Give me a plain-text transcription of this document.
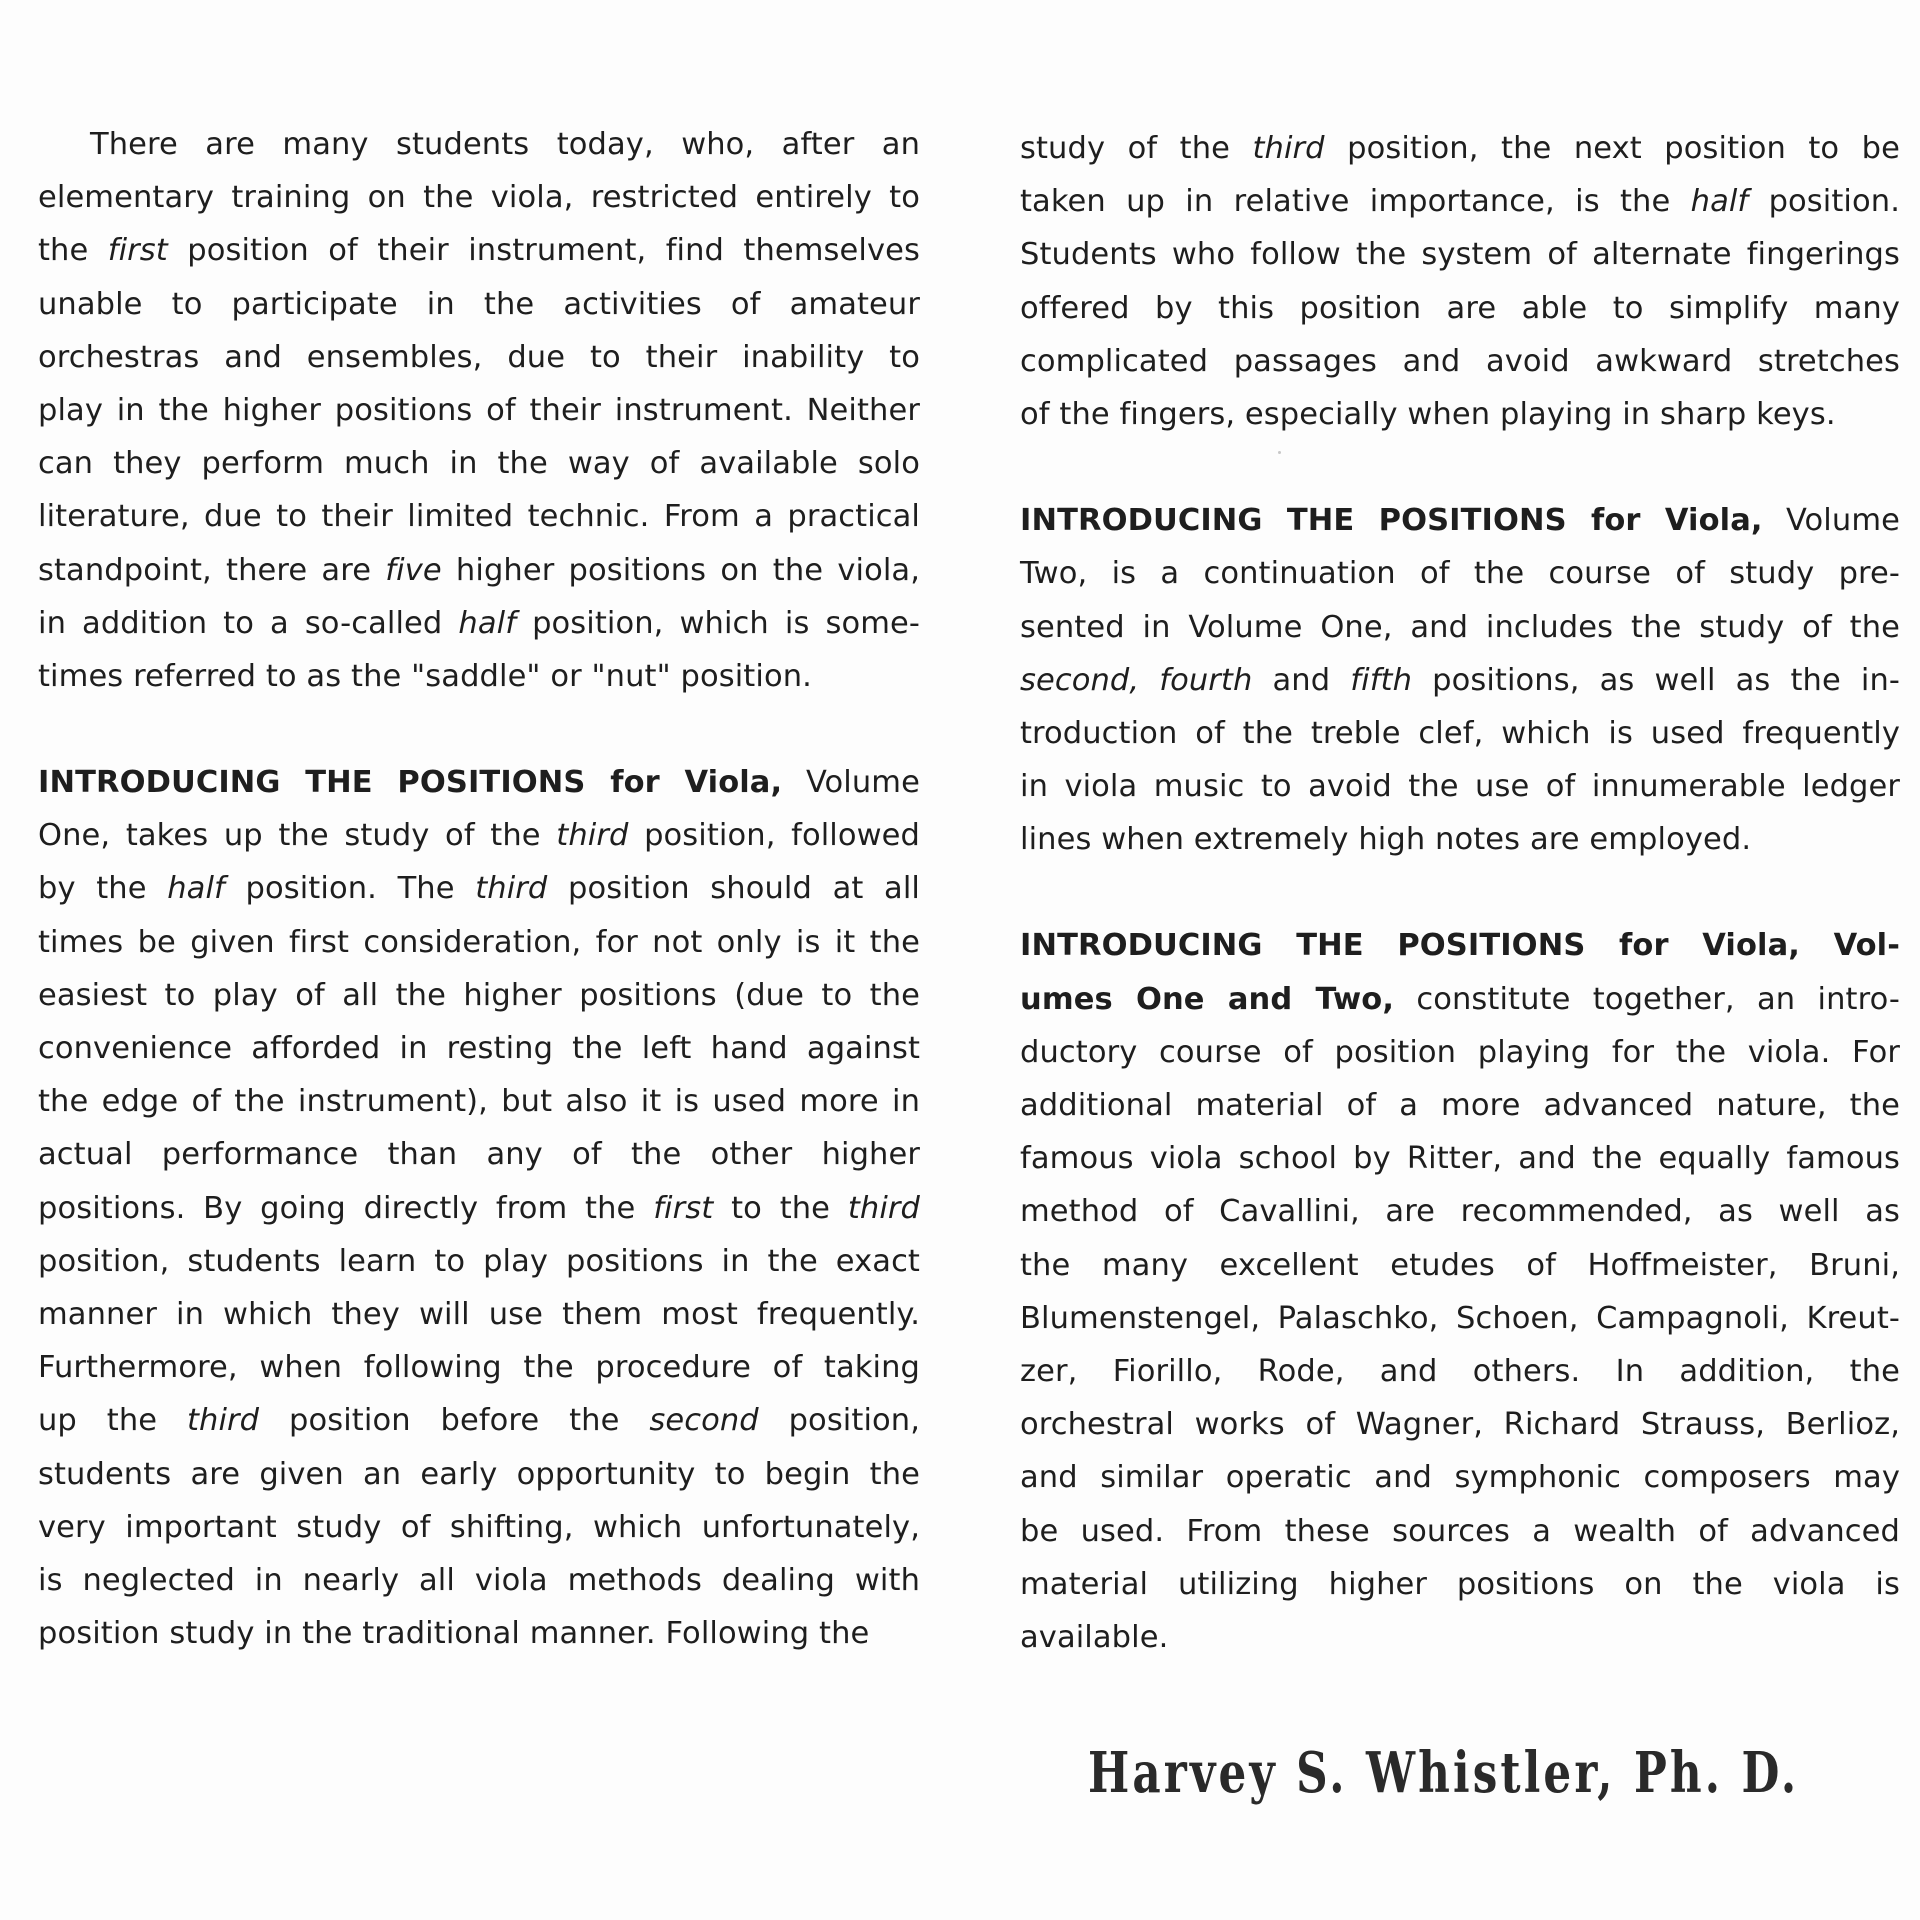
There are many students today, who, after an
elementary training on the viola, restricted entirely to
the first position of their instrument, find themselves
unable to participate in the activities of amateur
orchestras and ensembles, due to their inability to
play in the higher positions of their instrument. Neither
can they perform much in the way of available solo
literature, due to their limited technic. From a practical
standpoint, there are five higher positions on the viola,
in addition to a so-called half position, which is some-
times referred to as the "saddle" or "nut" position.
INTRODUCING THE POSITIONS for Viola, Volume
One, takes up the study of the third position, followed
by the half position. The third position should at all
times be given first consideration, for not only is it the
easiest to play of all the higher positions (due to the
convenience afforded in resting the left hand against
the edge of the instrument), but also it is used more in
actual performance than any of the other higher
positions. By going directly from the first to the third
position, students learn to play positions in the exact
manner in which they will use them most frequently.
Furthermore, when following the procedure of taking
up the third position before the second position,
students are given an early opportunity to begin the
very important study of shifting, which unfortunately,
is neglected in nearly all viola methods dealing with
position study in the traditional manner. Following the
study of the third position, the next position to be
taken up in relative importance, is the half position.
Students who follow the system of alternate fingerings
offered by this position are able to simplify many
complicated passages and avoid awkward stretches
of the fingers, especially when playing in sharp keys.
INTRODUCING THE POSITIONS for Viola, Volume
Two, is a continuation of the course of study pre-
sented in Volume One, and includes the study of the
second, fourth and fifth positions, as well as the in-
troduction of the treble clef, which is used frequently
in viola music to avoid the use of innumerable ledger
lines when extremely high notes are employed.
INTRODUCING THE POSITIONS for Viola, Vol-
umes One and Two, constitute together, an intro-
ductory course of position playing for the viola. For
additional material of a more advanced nature, the
famous viola school by Ritter, and the equally famous
method of Cavallini, are recommended, as well as
the many excellent etudes of Hoffmeister, Bruni,
Blumenstengel, Palaschko, Schoen, Campagnoli, Kreut-
zer, Fiorillo, Rode, and others. In addition, the
orchestral works of Wagner, Richard Strauss, Berlioz,
and similar operatic and symphonic composers may
be used. From these sources a wealth of advanced
material utilizing higher positions on the viola is
available.
Harvey S. Whistler, Ph. D.
